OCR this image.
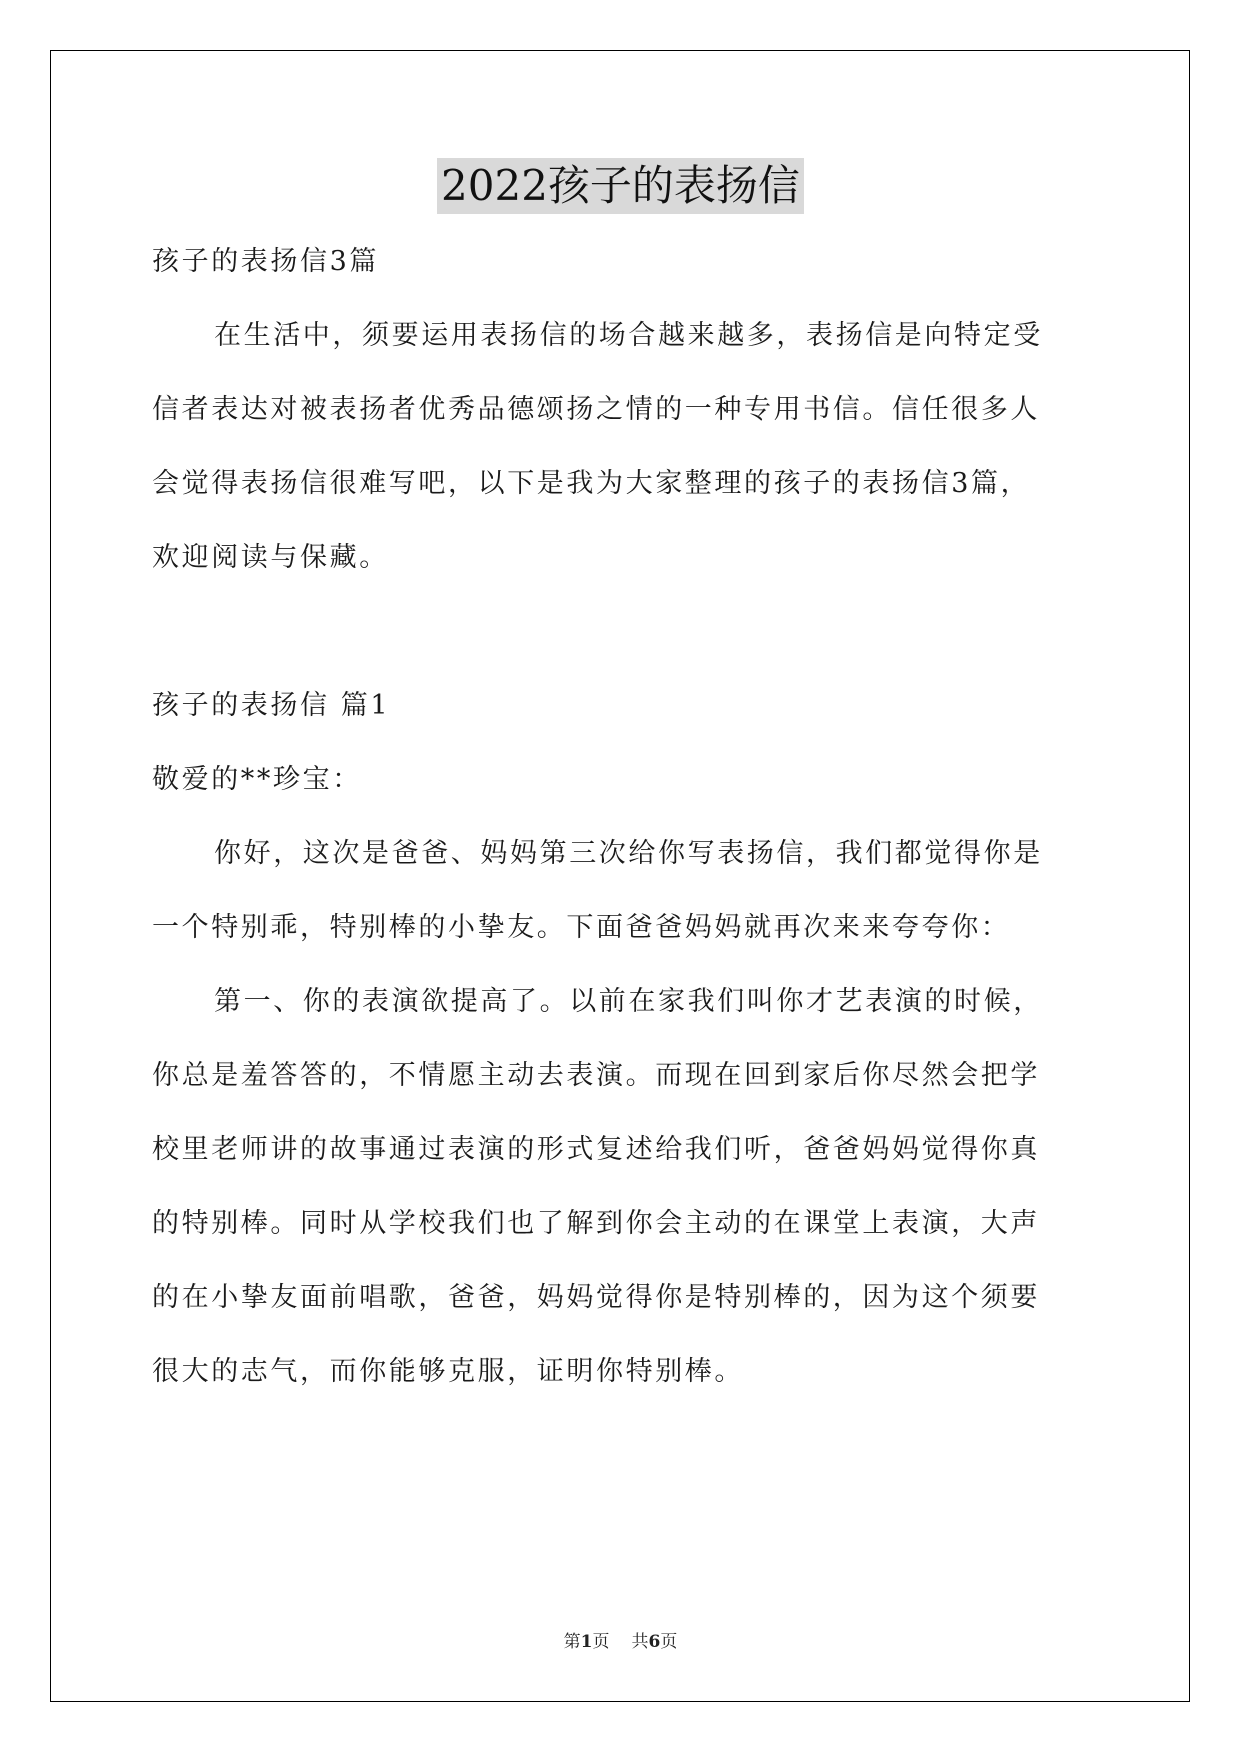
2022孩子的表扬信
孩子的表扬信3篇
在生活中，须要运用表扬信的场合越来越多，表扬信是向特定受
信者表达对被表扬者优秀品德颂扬之情的一种专用书信。信任很多人
会觉得表扬信很难写吧，以下是我为大家整理的孩子的表扬信3篇，
欢迎阅读与保藏。
孩子的表扬信 篇1
敬爱的**珍宝：
你好，这次是爸爸、妈妈第三次给你写表扬信，我们都觉得你是
一个特别乖，特别棒的小挚友。下面爸爸妈妈就再次来来夸夸你：
第一、你的表演欲提高了。以前在家我们叫你才艺表演的时候，
你总是羞答答的，不情愿主动去表演。而现在回到家后你尽然会把学
校里老师讲的故事通过表演的形式复述给我们听，爸爸妈妈觉得你真
的特别棒。同时从学校我们也了解到你会主动的在课堂上表演，大声
的在小挚友面前唱歌，爸爸，妈妈觉得你是特别棒的，因为这个须要
很大的志气，而你能够克服，证明你特别棒。
第1页 共6页
